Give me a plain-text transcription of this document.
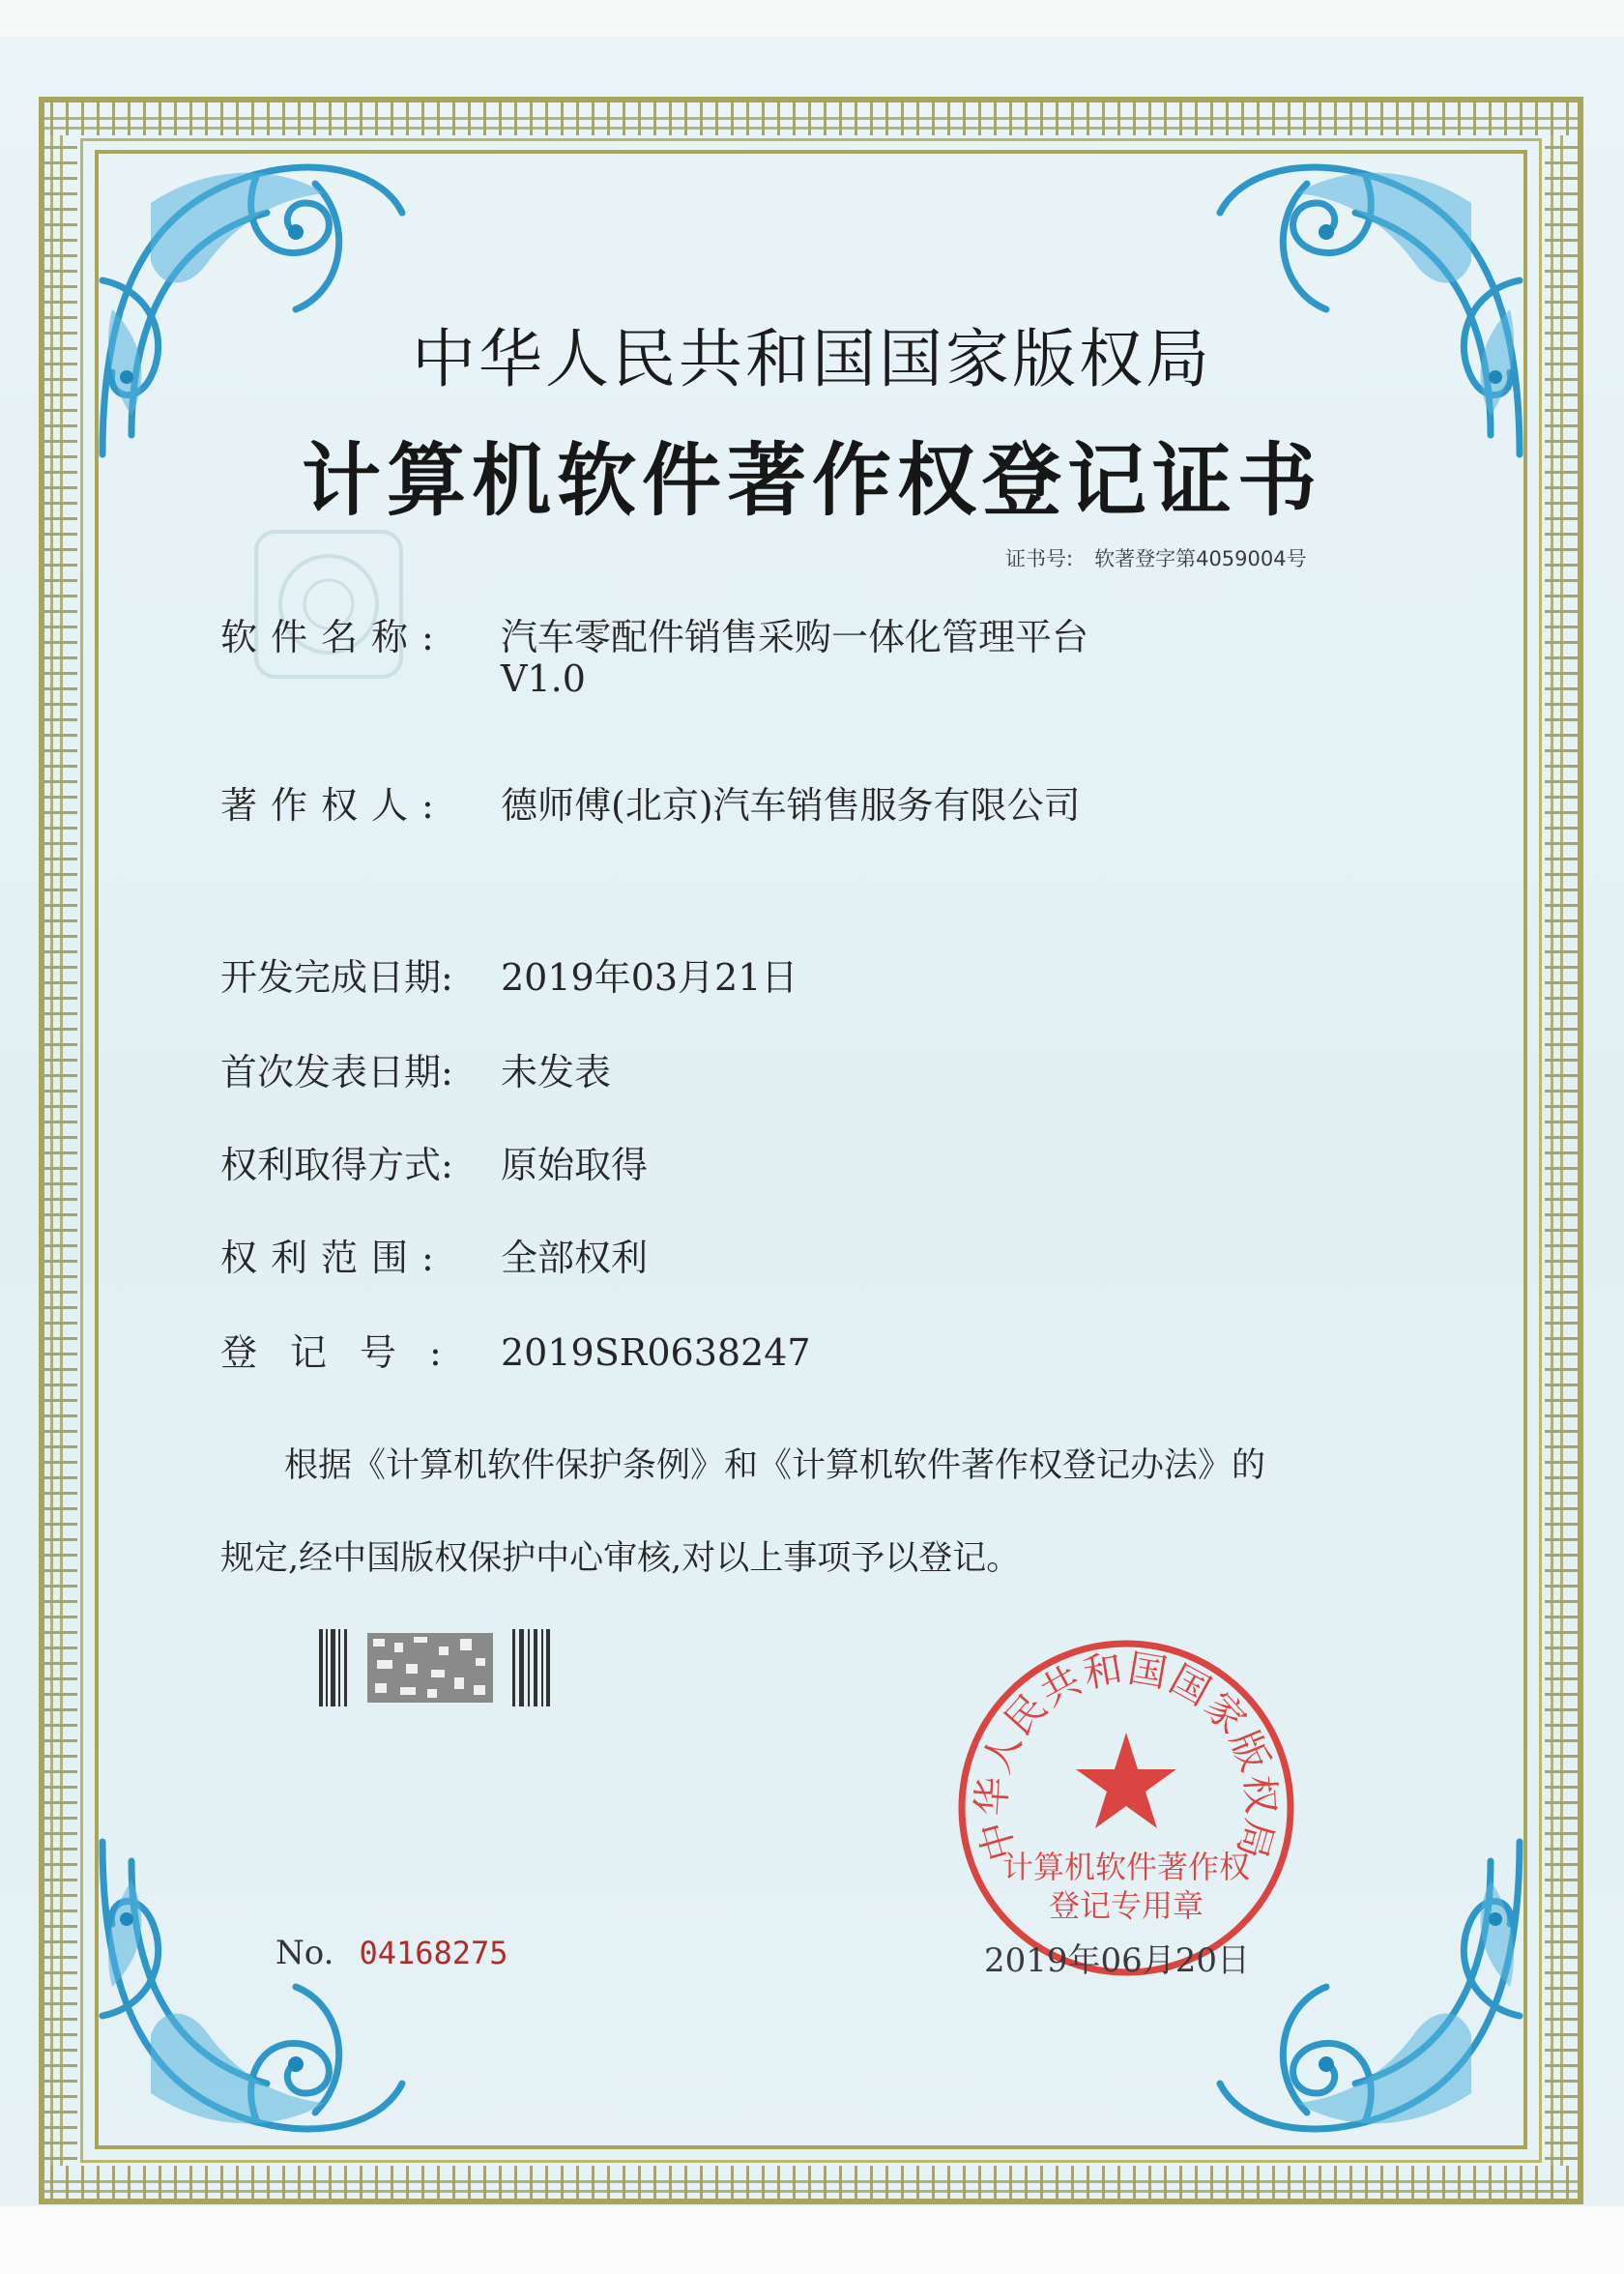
中华人民共和国国家版权局
计算机软件著作权登记证书
证书号: 软著登字第4059004号
软件名称: 汽车零配件销售采购一体化管理平台
V1.0
著作权人: 德师傅(北京)汽车销售服务有限公司
开发完成日期: 2019年03月21日
首次发表日期: 未发表
权利取得方式: 原始取得
权利范围: 全部权利
登记号: 2019SR0638247
根据《计算机软件保护条例》和《计算机软件著作权登记办法》的
规定,经中国版权保护中心审核,对以上事项予以登记。
中华人民共和国国家版权局
计算机软件著作权
登记专用章
No. 04168275	2019年06月20日
